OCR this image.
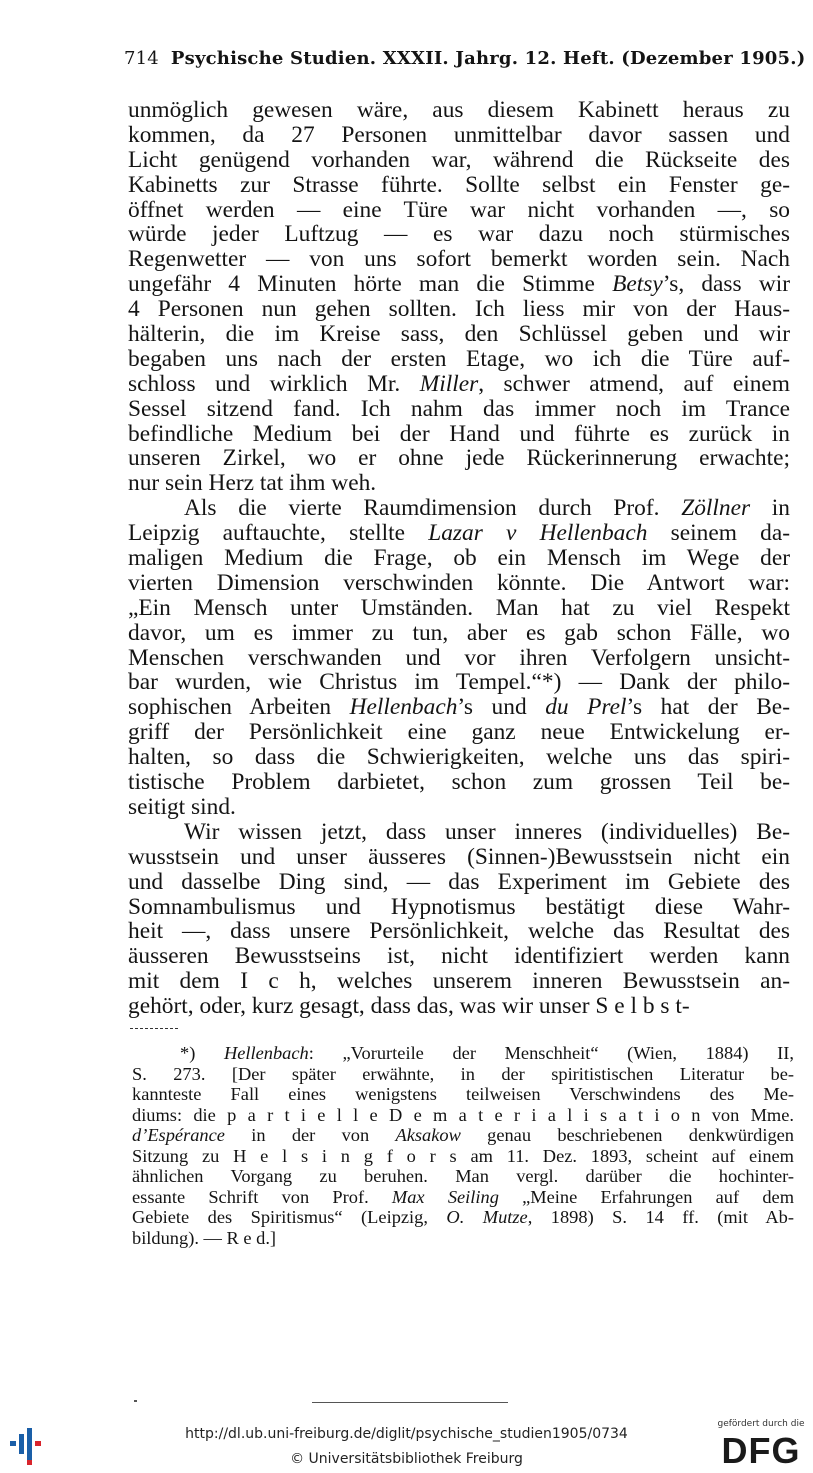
714 Psychische Studien. XXXII. Jahrg. 12. Heft. (Dezember 1905.)
unmöglich gewesen wäre, aus diesem Kabinett heraus zu
kommen, da 27 Personen unmittelbar davor sassen und
Licht genügend vorhanden war, während die Rückseite des
Kabinetts zur Strasse führte. Sollte selbst ein Fenster ge-
öffnet werden — eine Türe war nicht vorhanden —, so
würde jeder Luftzug — es war dazu noch stürmisches
Regenwetter — von uns sofort bemerkt worden sein. Nach
ungefähr 4 Minuten hörte man die Stimme Betsy’s, dass wir
4 Personen nun gehen sollten. Ich liess mir von der Haus-
hälterin, die im Kreise sass, den Schlüssel geben und wir
begaben uns nach der ersten Etage, wo ich die Türe auf-
schloss und wirklich Mr. Miller, schwer atmend, auf einem
Sessel sitzend fand. Ich nahm das immer noch im Trance
befindliche Medium bei der Hand und führte es zurück in
unseren Zirkel, wo er ohne jede Rückerinnerung erwachte;
nur sein Herz tat ihm weh.
Als die vierte Raumdimension durch Prof. Zöllner in
Leipzig auftauchte, stellte Lazar v Hellenbach seinem da-
maligen Medium die Frage, ob ein Mensch im Wege der
vierten Dimension verschwinden könnte. Die Antwort war:
„Ein Mensch unter Umständen. Man hat zu viel Respekt
davor, um es immer zu tun, aber es gab schon Fälle, wo
Menschen verschwanden und vor ihren Verfolgern unsicht-
bar wurden, wie Christus im Tempel.“*) — Dank der philo-
sophischen Arbeiten Hellenbach’s und du Prel’s hat der Be-
griff der Persönlichkeit eine ganz neue Entwickelung er-
halten, so dass die Schwierigkeiten, welche uns das spiri-
tistische Problem darbietet, schon zum grossen Teil be-
seitigt sind.
Wir wissen jetzt, dass unser inneres (individuelles) Be-
wusstsein und unser äusseres (Sinnen-)Bewusstsein nicht ein
und dasselbe Ding sind, — das Experiment im Gebiete des
Somnambulismus und Hypnotismus bestätigt diese Wahr-
heit —, dass unsere Persönlichkeit, welche das Resultat des
äusseren Bewusstseins ist, nicht identifiziert werden kann
mit dem I c h, welches unserem inneren Bewusstsein an-
gehört, oder, kurz gesagt, dass das, was wir unser S e l b s t-
*) Hellenbach: „Vorurteile der Menschheit“ (Wien, 1884) II,
S. 273. [Der später erwähnte, in der spiritistischen Literatur be-
kannteste Fall eines wenigstens teilweisen Verschwindens des Me-
diums: die p a r t i e l l e D e m a t e r i a l i s a t i o n von Mme.
d’Espérance in der von Aksakow genau beschriebenen denkwürdigen
Sitzung zu H e l s i n g f o r s am 11. Dez. 1893, scheint auf einem
ähnlichen Vorgang zu beruhen. Man vergl. darüber die hochinter-
essante Schrift von Prof. Max Seiling „Meine Erfahrungen auf dem
Gebiete des Spiritismus“ (Leipzig, O. Mutze, 1898) S. 14 ff. (mit Ab-
bildung). — R e d.]
http://dl.ub.uni-freiburg.de/diglit/psychische_studien1905/0734
© Universitätsbibliothek Freiburg
gefördert durch die
DFG
